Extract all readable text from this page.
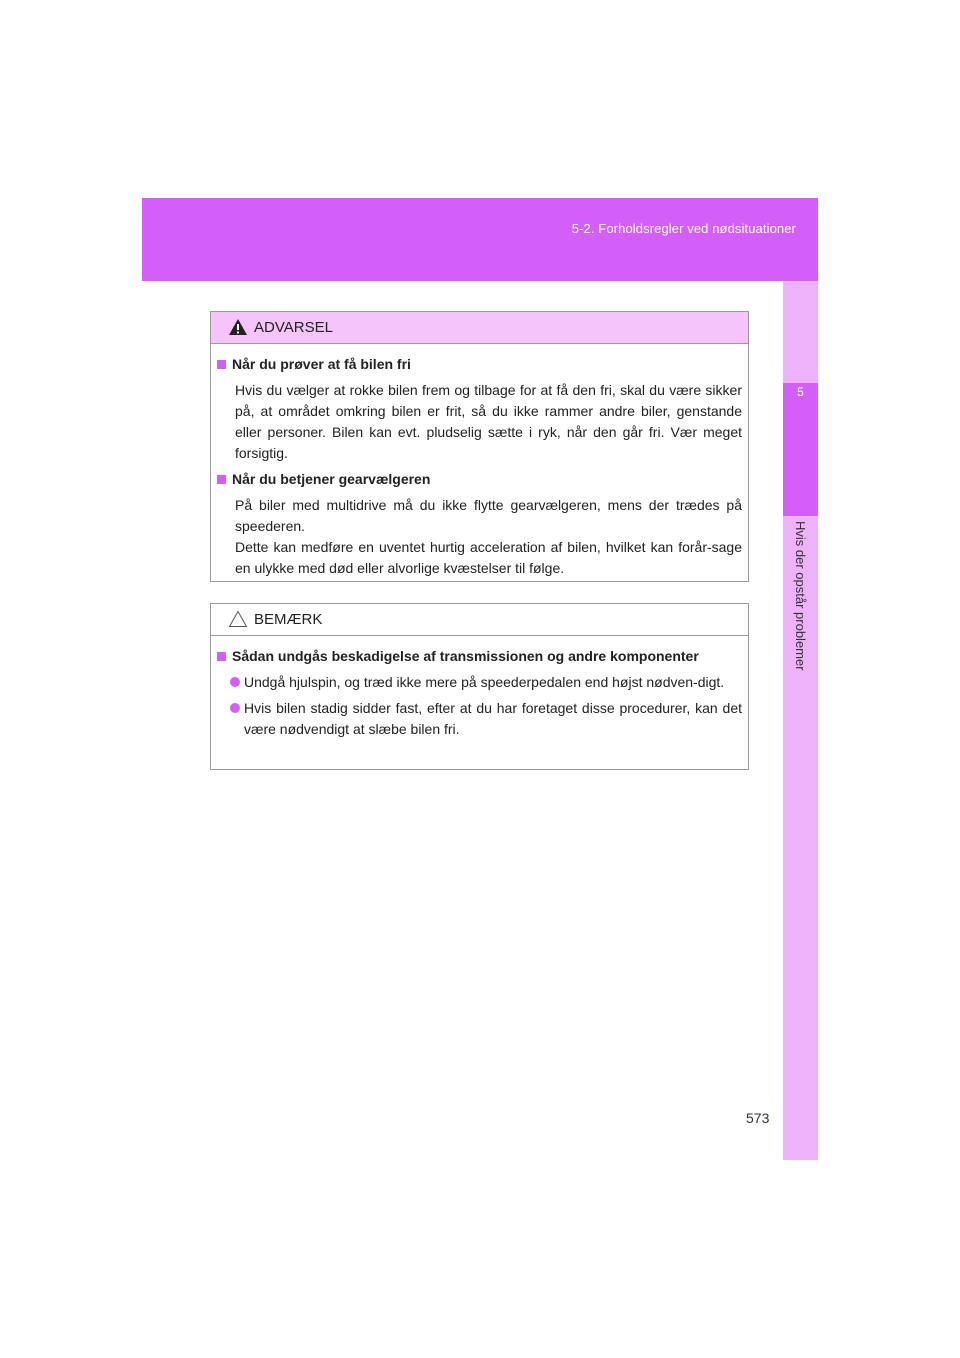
5-2. Forholdsregler ved nødsituationer
5
Hvis der opstår problemer
ADVARSEL
Når du prøver at få bilen fri

Hvis du vælger at rokke bilen frem og tilbage for at få den fri, skal du være sikker på, at området omkring bilen er frit, så du ikke rammer andre biler, genstande eller personer. Bilen kan evt. pludselig sætte i ryk, når den går fri. Vær meget forsigtig.

Når du betjener gearvælgeren

På biler med multidrive må du ikke flytte gearvælgeren, mens der trædes på speederen.

Dette kan medføre en uventet hurtig acceleration af bilen, hvilket kan forår-sage en ulykke med død eller alvorlige kvæstelser til følge.

BEMÆRK
Sådan undgås beskadigelse af transmissionen og andre komponenter
Undgå hjulspin, og træd ikke mere på speederpedalen end højst nødven-digt.
Hvis bilen stadig sidder fast, efter at du har foretaget disse procedurer, kan det være nødvendigt at slæbe bilen fri.
573
